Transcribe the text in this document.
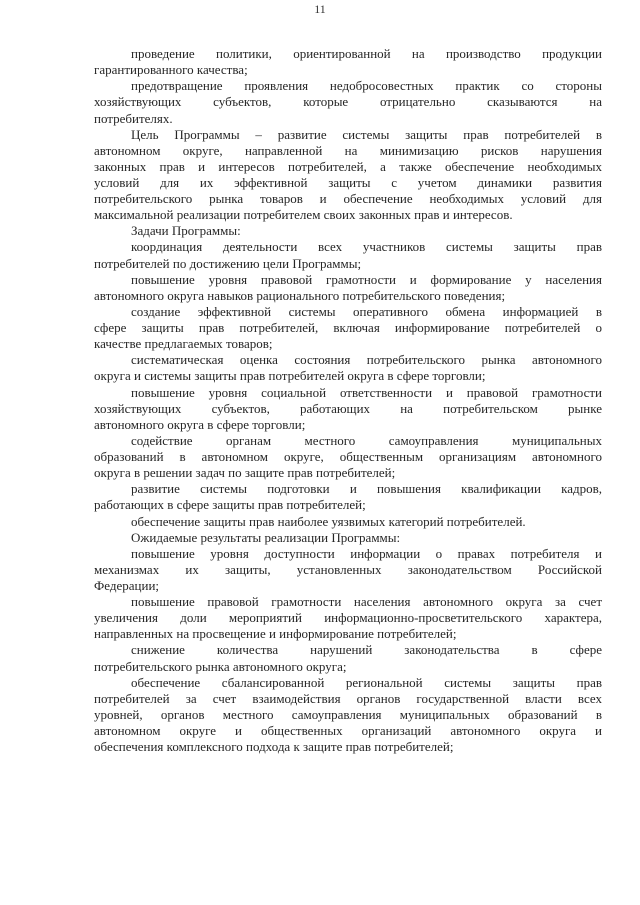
11
проведение политики, ориентированной на производство продукции
гарантированного качества;
предотвращение проявления недобросовестных практик со стороны
хозяйствующих субъектов, которые отрицательно сказываются на
потребителях.
Цель Программы – развитие системы защиты прав потребителей в
автономном округе, направленной на минимизацию рисков нарушения
законных прав и интересов потребителей, а также обеспечение необходимых
условий для их эффективной защиты с учетом динамики развития
потребительского рынка товаров и обеспечение необходимых условий для
максимальной реализации потребителем своих законных прав и интересов.
Задачи Программы:
координация деятельности всех участников системы защиты прав
потребителей по достижению цели Программы;
повышение уровня правовой грамотности и формирование у населения
автономного округа навыков рационального потребительского поведения;
создание эффективной системы оперативного обмена информацией в
сфере защиты прав потребителей, включая информирование потребителей о
качестве предлагаемых товаров;
систематическая оценка состояния потребительского рынка автономного
округа и системы защиты прав потребителей округа в сфере торговли;
повышение уровня социальной ответственности и правовой грамотности
хозяйствующих субъектов, работающих на потребительском рынке
автономного округа в сфере торговли;
содействие органам местного самоуправления муниципальных
образований в автономном округе, общественным организациям автономного
округа в решении задач по защите прав потребителей;
развитие системы подготовки и повышения квалификации кадров,
работающих в сфере защиты прав потребителей;
обеспечение защиты прав наиболее уязвимых категорий потребителей.
Ожидаемые результаты реализации Программы:
повышение уровня доступности информации о правах потребителя и
механизмах их защиты, установленных законодательством Российской
Федерации;
повышение правовой грамотности населения автономного округа за счет
увеличения доли мероприятий информационно-просветительского характера,
направленных на просвещение и информирование потребителей;
снижение количества нарушений законодательства в сфере
потребительского рынка автономного округа;
обеспечение сбалансированной региональной системы защиты прав
потребителей за счет взаимодействия органов государственной власти всех
уровней, органов местного самоуправления муниципальных образований в
автономном округе и общественных организаций автономного округа и
обеспечения комплексного подхода к защите прав потребителей;
